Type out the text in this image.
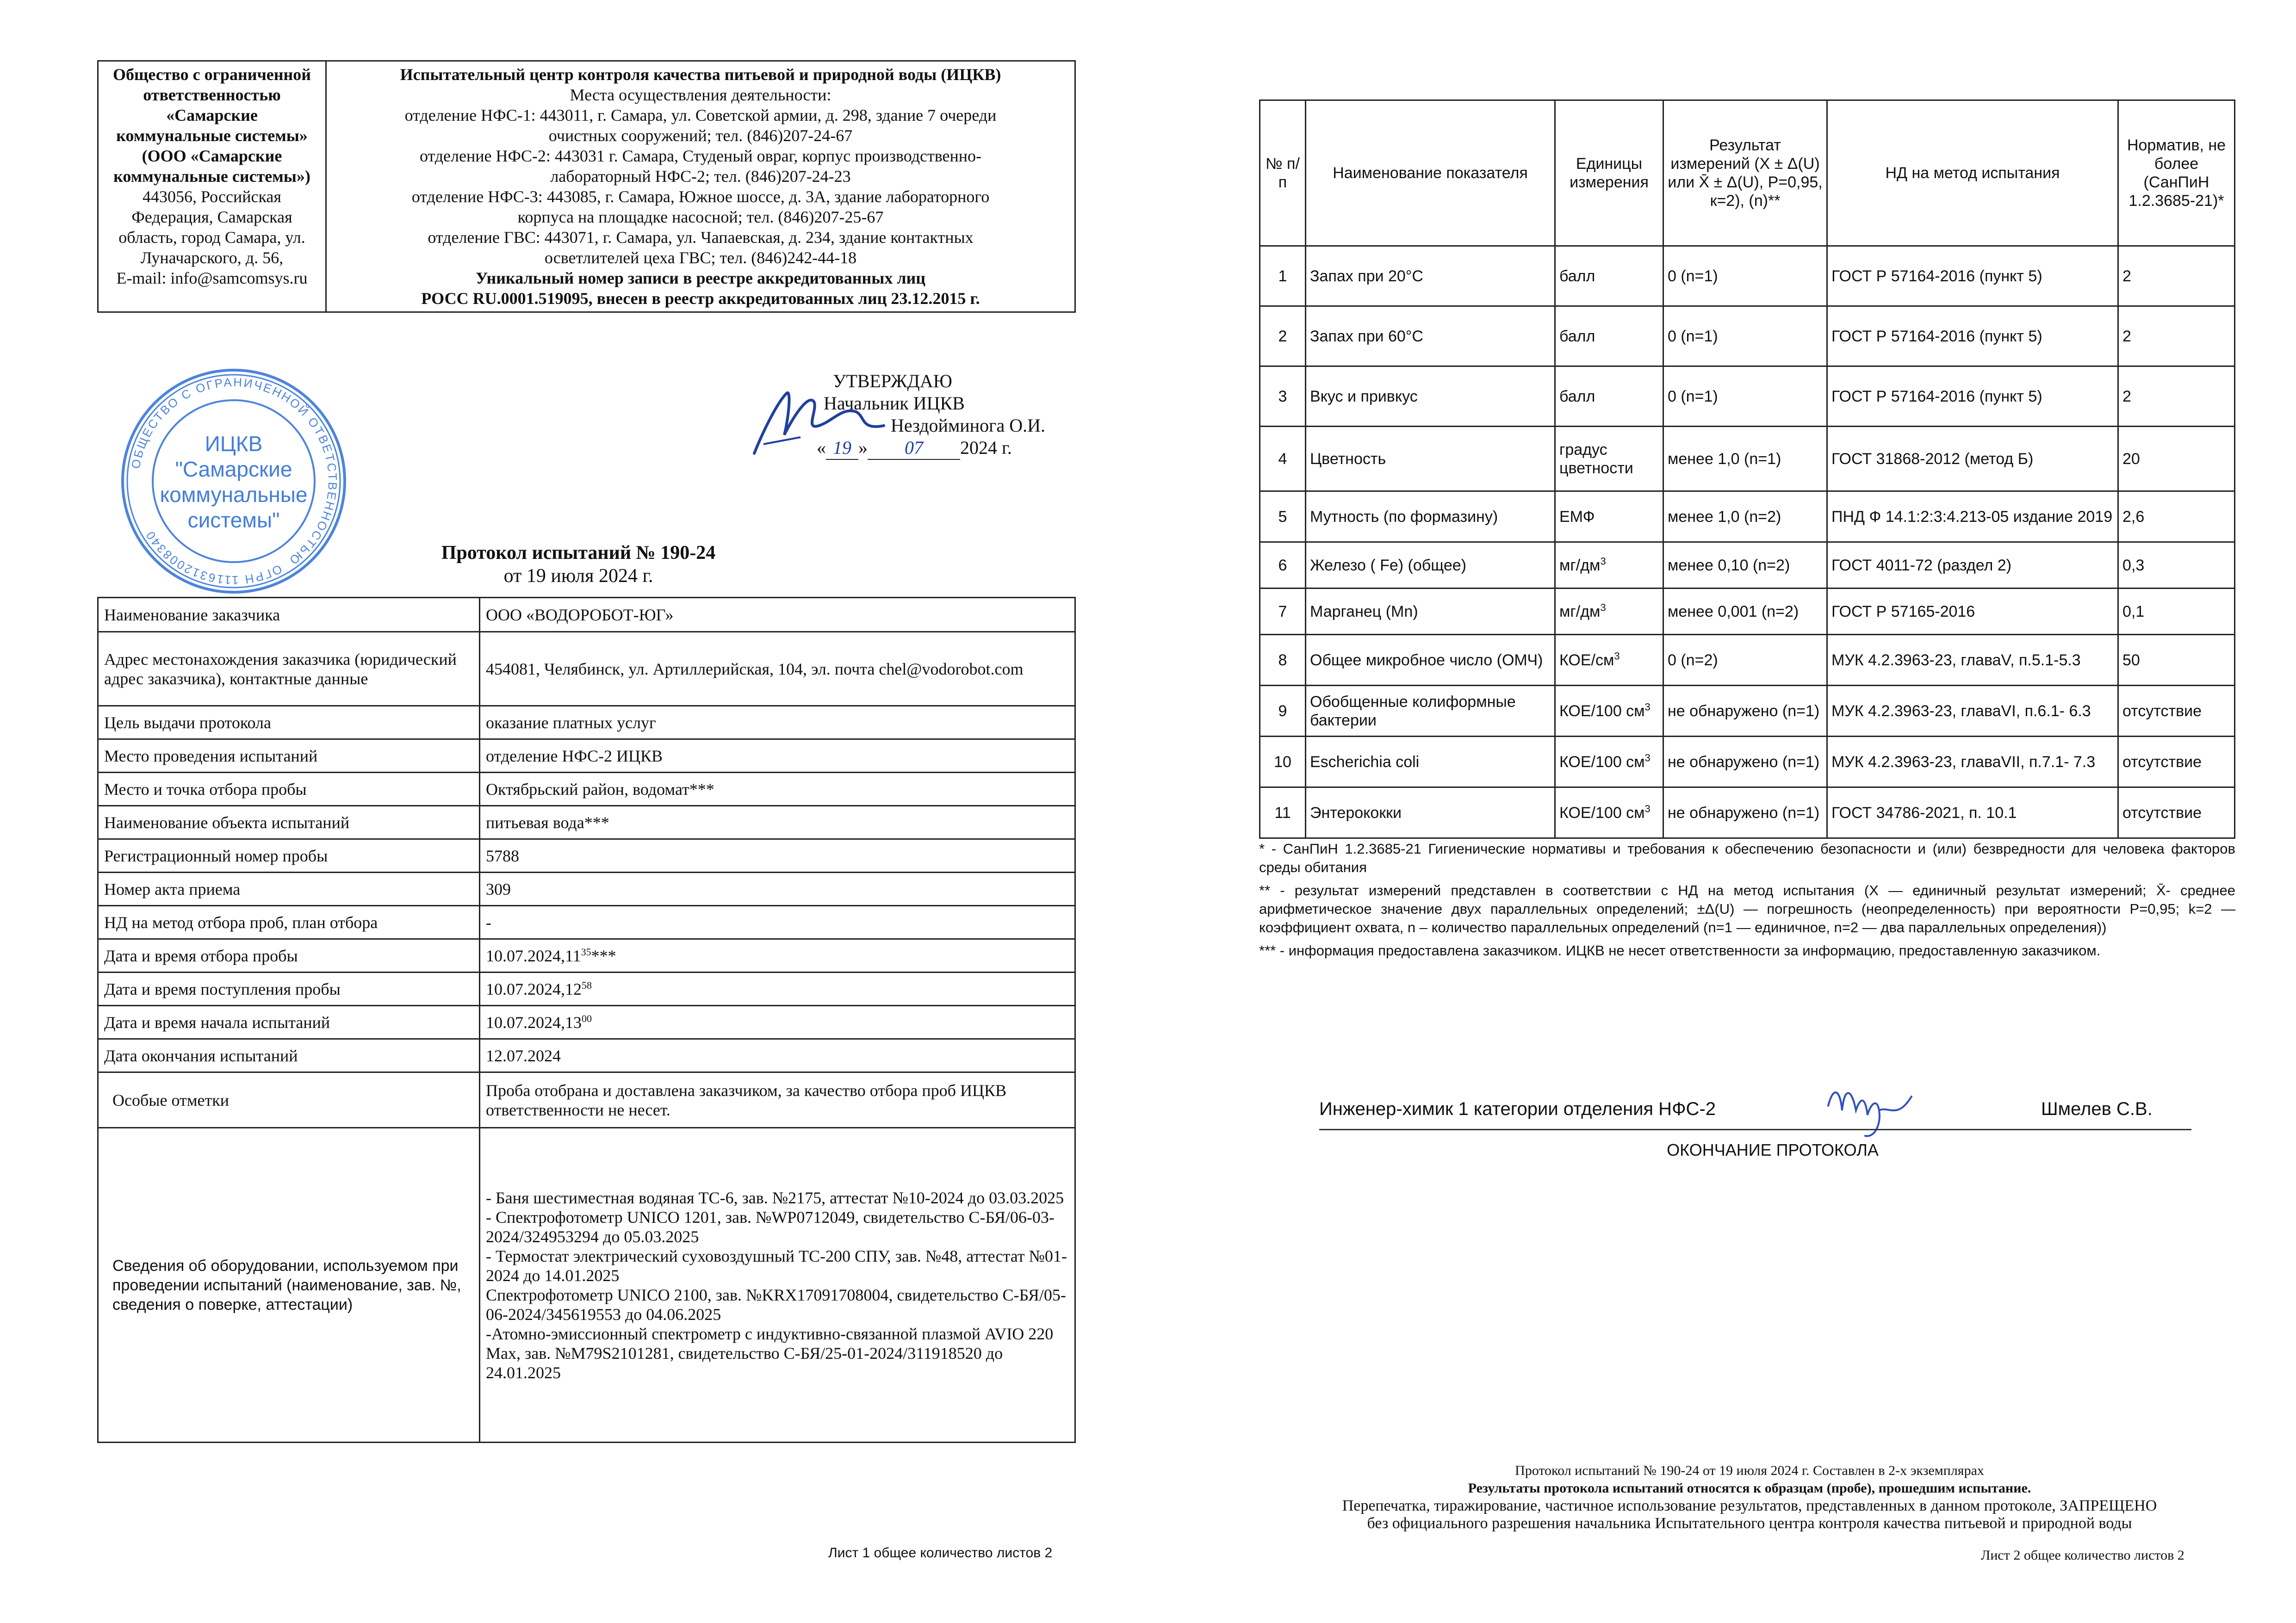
Общество с ограниченной
ответственностью
«Самарские
коммунальные системы»
(ООО «Самарские
коммунальные системы»)
443056, Российская
Федерация, Самарская
область, город Самара, ул.
Луначарского, д. 56,
E-mail: info@samcomsys.ru

Испытательный центр контроля качества питьевой и природной воды (ИЦКВ)
Места осуществления деятельности:
отделение НФС-1: 443011, г. Самара, ул. Советской армии, д. 298, здание 7 очереди
очистных сооружений; тел. (846)207-24-67
отделение НФС-2: 443031 г. Самара, Студеный овраг, корпус производственно-
лабораторный НФС-2; тел. (846)207-24-23
отделение НФС-3: 443085, г. Самара, Южное шоссе, д. 3А, здание лабораторного
корпуса на площадке насосной; тел. (846)207-25-67
отделение ГВС: 443071, г. Самара, ул. Чапаевская, д. 234, здание контактных
осветлителей цеха ГВС; тел. (846)242-44-18
Уникальный номер записи в реестре аккредитованных лиц
РОСС RU.0001.519095, внесен в реестр аккредитованных лиц 23.12.2015 г.
ОБЩЕСТВО С ОГРАНИЧЕННОЙ ОТВЕТСТВЕННОСТЬЮ
ОГРН 1116312008340
ИЦКВ
"Самарские
коммунальные
системы"
УТВЕРЖДАЮ
Начальник ИЦКВ
Нездойминога О.И.
« 19 » 07 2024 г.
Протокол испытаний № 190-24
от 19 июля 2024 г.
Наименование заказчика	ООО «ВОДОРОБОТ-ЮГ»
Адрес местонахождения заказчика (юридический адрес заказчика), контактные данные	454081, Челябинск, ул. Артиллерийская, 104, эл. почта chel@vodorobot.com
Цель выдачи протокола	оказание платных услуг
Место проведения испытаний	отделение НФС-2 ИЦКВ
Место и точка отбора пробы	Октябрьский район, водомат***
Наименование объекта испытаний	питьевая вода***
Регистрационный номер пробы	5788
Номер акта приема	309
НД на метод отбора проб, план отбора	-
Дата и время отбора пробы	10.07.2024,11$^{35}$***
Дата и время поступления пробы	10.07.2024,12$^{58}$
Дата и время начала испытаний	10.07.2024,13$^{00}$
Дата окончания испытаний	12.07.2024
Особые отметки	Проба отобрана и доставлена заказчиком, за качество отбора проб ИЦКВ ответственности не несет.
Сведения об оборудовании, используемом при проведении испытаний (наименование, зав. №, сведения о поверке, аттестации)	- Баня шестиместная водяная ТС-6, зав. №2175, аттестат №10-2024 до 03.03.2025
- Спектрофотометр UNICO 1201, зав. №WP0712049, свидетельство С-БЯ/06-03-2024/324953294 до 05.03.2025
- Термостат электрический суховоздушный ТС-200 СПУ, зав. №48, аттестат №01-2024 до 14.01.2025
Спектрофотометр UNICO 2100, зав. №KRX17091708004, свидетельство С-БЯ/05-06-2024/345619553 до 04.06.2025
-Атомно-эмиссионный спектрометр с индуктивно-связанной плазмой AVIO 220 Max, зав. №M79S2101281, свидетельство С-БЯ/25-01-2024/311918520 до 24.01.2025
Лист 1 общее количество листов 2
№ п/п	Наименование показателя	Единицы измерения	Результат измерений (X ± Δ(U) или X̄ ± Δ(U), P=0,95, к=2), (n)**	НД на метод испытания	Норматив, не более (СанПиН 1.2.3685-21)*
1	Запах при 20°С	балл	0 (n=1)	ГОСТ Р 57164-2016 (пункт 5)	2
2	Запах при 60°С	балл	0 (n=1)	ГОСТ Р 57164-2016 (пункт 5)	2
3	Вкус и привкус	балл	0 (n=1)	ГОСТ Р 57164-2016 (пункт 5)	2
4	Цветность	градус цветности	менее 1,0 (n=1)	ГОСТ 31868-2012 (метод Б)	20
5	Мутность (по формазину)	ЕМФ	менее 1,0 (n=2)	ПНД Ф 14.1:2:3:4.213-05 издание 2019	2,6
6	Железо ( Fe) (общее)	$мг/дм^3$	менее 0,10 (n=2)	ГОСТ 4011-72 (раздел 2)	0,3
7	Марганец (Mn)	$мг/дм^3$	менее 0,001 (n=2)	ГОСТ Р 57165-2016	0,1
8	Общее микробное число (ОМЧ)	КОЕ/$см^3$	0 (n=2)	МУК 4.2.3963-23, главаV, п.5.1-5.3	50
9	Обобщенные колиформные бактерии	КОЕ/100 $см^3$	не обнаружено (n=1)	МУК 4.2.3963-23, главаVI, п.6.1- 6.3	отсутствие
10	Escherichia coli	КОЕ/100 $см^3$	не обнаружено (n=1)	МУК 4.2.3963-23, главаVII, п.7.1- 7.3	отсутствие
11	Энтерококки	КОЕ/100 $см^3$	не обнаружено (n=1)	ГОСТ 34786-2021, п. 10.1	отсутствие

* - СанПиН 1.2.3685-21 Гигиенические нормативы и требования к обеспечению безопасности и (или) безвредности для человека факторов среды обитания

** - результат измерений представлен в соответствии с НД на метод испытания (X — единичный результат измерений; X̄- среднее арифметическое значение двух параллельных определений; ±Δ(U) — погрешность (неопределенность) при вероятности P=0,95; k=2 — коэффициент охвата, n – количество параллельных определений (n=1 — единичное, n=2 — два параллельных определения))

*** - информация предоставлена заказчиком. ИЦКВ не несет ответственности за информацию, предоставленную заказчиком.

Инженер-химик 1 категории отделения НФС-2	Шмелев С.В.
ОКОНЧАНИЕ ПРОТОКОЛА
Протокол испытаний № 190-24 от 19 июля 2024 г. Составлен в 2-х экземплярах
Результаты протокола испытаний относятся к образцам (пробе), прошедшим испытание.
Перепечатка, тиражирование, частичное использование результатов, представленных в данном протоколе, ЗАПРЕЩЕНО
без официального разрешения начальника Испытательного центра контроля качества питьевой и природной воды
Лист 2 общее количество листов 2
